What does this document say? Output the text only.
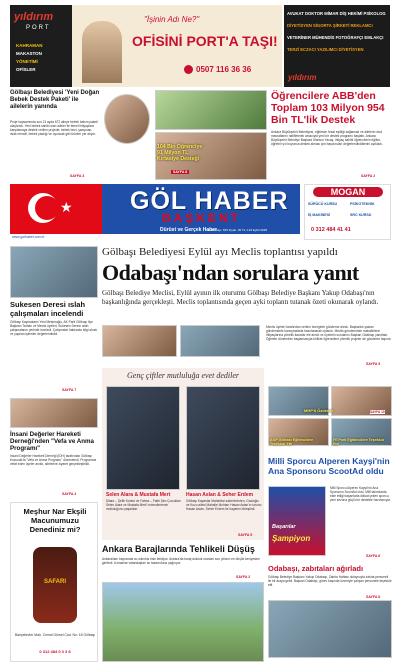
yıldırım
PORT
KAHRAMAN
MAKASTON
YÖNETİMİ
OFİSLER
"İşinin Adı Ne?"
OFİSİNİ PORT'A TAŞI!
0507 116 36 36
AVUKAT DOKTOR MİMAR DİŞ HEKİMİ PSİKOLOG
DİYETİSYEN SİGORTA ŞİRKETİ REKLAMCI
VETERİNER MÜHENDİS FOTOĞRAFÇI EMLAKÇI
TERZİ ECZACI YAZILIMCI DİYETİSYEN
yıldırım
Gölbaşı Belediyesi 'Yeni Doğan Bebek Destek Paketi' ile ailelerin yanında
Proje kapsamında son 13 ayda 672 aileye bebek bakım paketi ulaştırıldı. Yeni bebek sahibi olan aileler ile temel ihtiyaçlara karşılamaya destek verilen projede; bebek bezi, şampuan, ıslak mendil, bebek yastığı ve oyuncak gibi ürünler yer alıyor.
SAYFA 3
104 Bin Öğrenciye 91 Milyon TL Kırtasiye Desteği
SAYFA 8
Öğrencilere ABB'den Toplam 103 Milyon 954 Bin TL'lik Destek
Ankara Büyükşehir Belediyesi, eğitimde fırsat eşitliği sağlamak ve ailelerin okul masraflarını hafifletmek amacıyla yeni bir destek programı başlattı. Ankara Büyükşehir Belediye Başkanı Mansur Yavaş, ihtiyaç sahibi öğrencilerin eğitim-öğretim yılı boyunca destek alması için başvuruları değerlendirdiklerini açıkladı.
SAYFA 2
★ GÖL HABER
BAŞKENT
Dürüst ve Gerçek Haber
Yıl: 26 Sayı: 815 Fiyatı: 20 TL 1-15 Eylül 2025
www.golhaber.com.tr
MOGAN
SÜRÜCÜ KURSU	PSİKOTEKNİK
İŞ MAKİNESİ	SRC KURSU
0 312 484 41 41
Sukesen Deresi ıslah çalışmaları incelendi
Gölbaşı Kaymakamı Yeni Mesimoğlu, AK Parti Gölbaşı İlçe Başkanı Tarhan ve Meclis üyeleri, Sukesen Deresi ıslah çalışmalarını yerinde inceledi. Çalışmalar hakkında bilgi alındı ve yapılan işlemler değerlendirildi.
SAYFA 7
İnsani Değerler Hareketi Derneği'nden "Vefa ve Anma Programı"
İnsani Değerler Hareketi Derneği (İDH) tarafından Gölbaşı Kuzucak'ta "Vefa ve Anma Programı" düzenlendi. Programda vefat eden üyeler anıldı, ailelerine ziyaret gerçekleştirildi.
SAYFA 4
Meşhur Nar Ekşili Macunumuzu Denediniz mi?
SAFARI
Bahçelievler Mah. Cemal Gürsel Cad. No: 18 Gölbaşı
0 312 484 0 3 3 8
Gölbaşı Belediyesi Eylül ayı Meclis toplantısı yapıldı
Odabaşı'ndan sorulara yanıt
Gölbaşı Belediye Meclisi, Eylül ayının ilk oturumu Gölbaşı Belediye Başkanı Yakup Odabaşı'nın başkanlığında gerçekleşti. Meclis toplantısında geçen ayki toplantı tutanak özeti okunarak oylandı.
Meclis üyeleri tarafından verilen önergeler gündeme alındı. Başkanlık yazları gündemdeki konuşmalarla hazırlanarak oylandı. Meclis gündeminde mahallelerin ihtiyaçlarına yönelik kararlar ele alındı ve üyelerin sorularını Başkan Odabaşı yanıtladı. Öğretim döneminin başlamasıyla birlikte öğrencilere yönelik projeler de gündeme taşındı.
SAYFA 9
Genç çiftler mutluluğa evet dediler
Selen Alara & Mustafa Mert
Dilara – Şefik Korkut ve Fatma – Fatih Şen Çocukları Selen Alara ve Mustafa Mert'i evlendirmenin mutluluğunu yaşadılar.
Hasan Aslan & Seher Erdem
Gölbaşı Kayanlar Mahallesi sakinlerinden, Gazioğlu ve Kuzu ailesi Mahalle Muhtarı Hasan Aslan'ın torunu Hasan Aslan, Seher Erdem ile hayatını birleştirdi.
SAYFA 5
MHP'li Özdemir
AKP Gölbaşı Eğitimcilere Teşekkür Etti
İYİ Parti Eğitimcilere Teşekkür Etti
SAYFA 10
Milli Sporcu Alperen Kayşi'nin Ana Sponsoru ScootAd oldu
Başarılar
Şampiyon
Milli Sporcu Alperen Kayşi'nin Ana Sponsoru ScootAd oldu. Milli takımlarda elde ettiği başarılarla dikkat çeken sporcu, yeni sezona güçlü bir destekle hazırlanıyor.
SAYFA 6
Ankara Barajlarında Tehlikeli Düşüş
Ankaralıları bayramda su sıkıntısı riski bekliyor. Ankara'da baraj doluluk oranları son yılların en düşük seviyesine geriledi. Uzmanlar vatandaşları su tasarrufuna çağırıyor.
SAYFA 2
Odabaşı, zabıtaları ağırladı
Gölbaşı Belediye Başkanı Yakup Odabaşı, Zabıta Haftası dolayısıyla zabıta personeli ile bir araya geldi. Başkan Odabaşı, görev başında özveriyle çalışan personele teşekkür etti.
SAYFA 8
